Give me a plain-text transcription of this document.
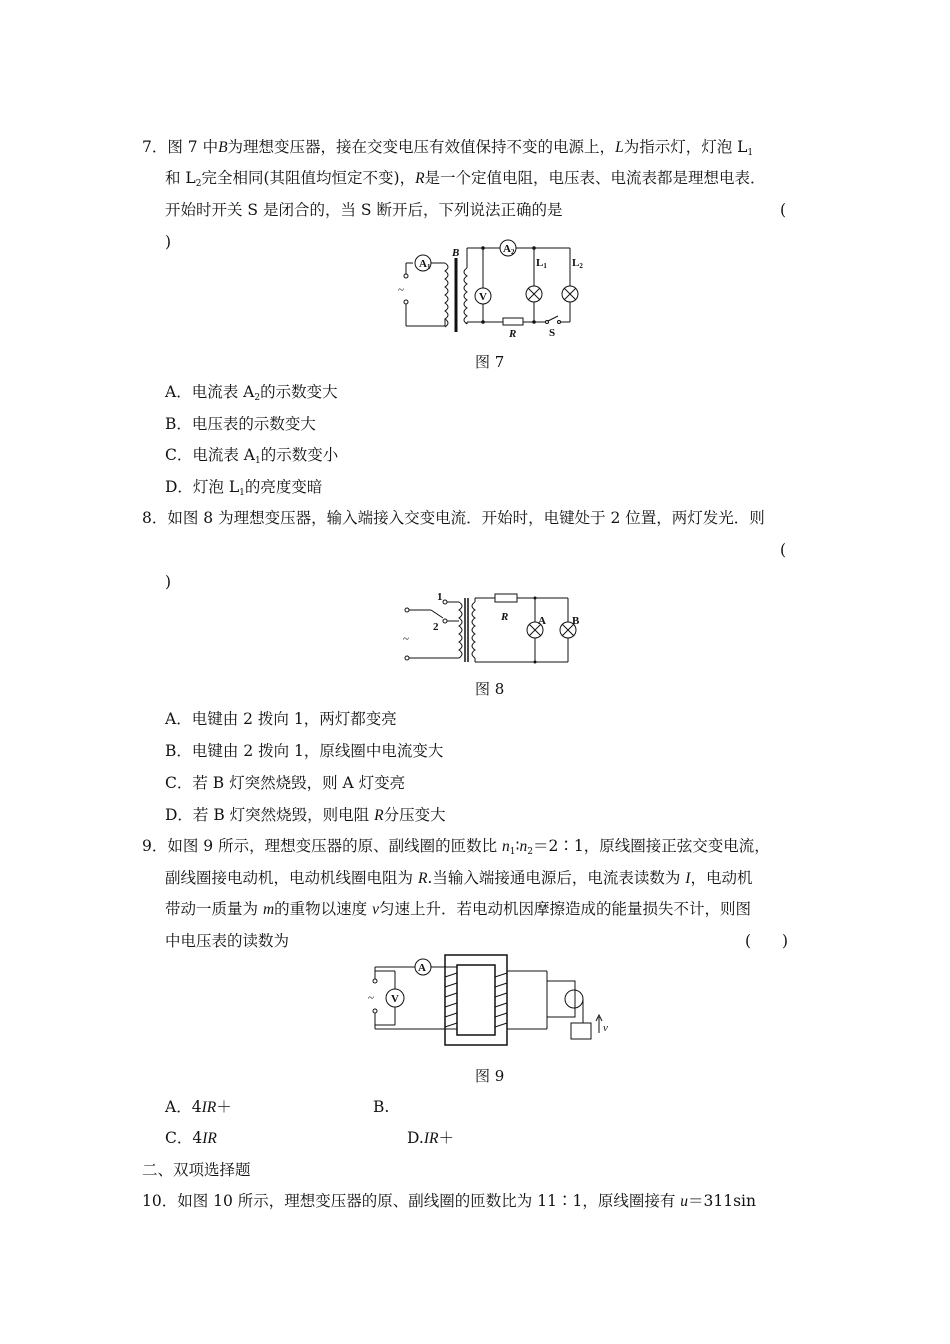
7．图 7 中B为理想变压器，接在交变电压有效值保持不变的电源上，L为指示灯，灯泡 $L_1$
和 $L_2$完全相同(其阻值均恒定不变)，R是一个定值电阻，电压表、电流表都是理想电表．
开始时开关 S 是闭合的，当 S 断开后，下列说法正确的是	(
)
~
A1
B
V
A2
L1 L2
R	S
图 7
A．电流表 $A_2$的示数变大
B．电压表的示数变大
C．电流表 $A_1$的示数变小
D．灯泡 $L_1$的亮度变暗
8．如图 8 为理想变压器，输入端接入交变电流．开始时，电键处于 2 位置，两灯发光．则
(
)
1
2
~
R	A B
图 8
A．电键由 2 拨向 1，两灯都变亮
B．电键由 2 拨向 1，原线圈中电流变大
C．若 B 灯突然烧毁，则 A 灯变亮
D．若 B 灯突然烧毁，则电阻 R分压变大
9．如图 9 所示，理想变压器的原、副线圈的匝数比 $n_1∶n_2=2∶1$，原线圈接正弦交变电流，
副线圈接电动机，电动机线圈电阻为 R.当输入端接通电源后，电流表读数为 I，电动机
带动一质量为 m的重物以速度 v匀速上升．若电动机因摩擦造成的能量损失不计，则图
中电压表的读数为	(　　)
A
V
~
v
图 9
A．4IR＋	B.
C．4IR	D.IR＋
二、双项选择题
10．如图 10 所示，理想变压器的原、副线圈的匝数比为 11∶1，原线圈接有 u＝311sin
